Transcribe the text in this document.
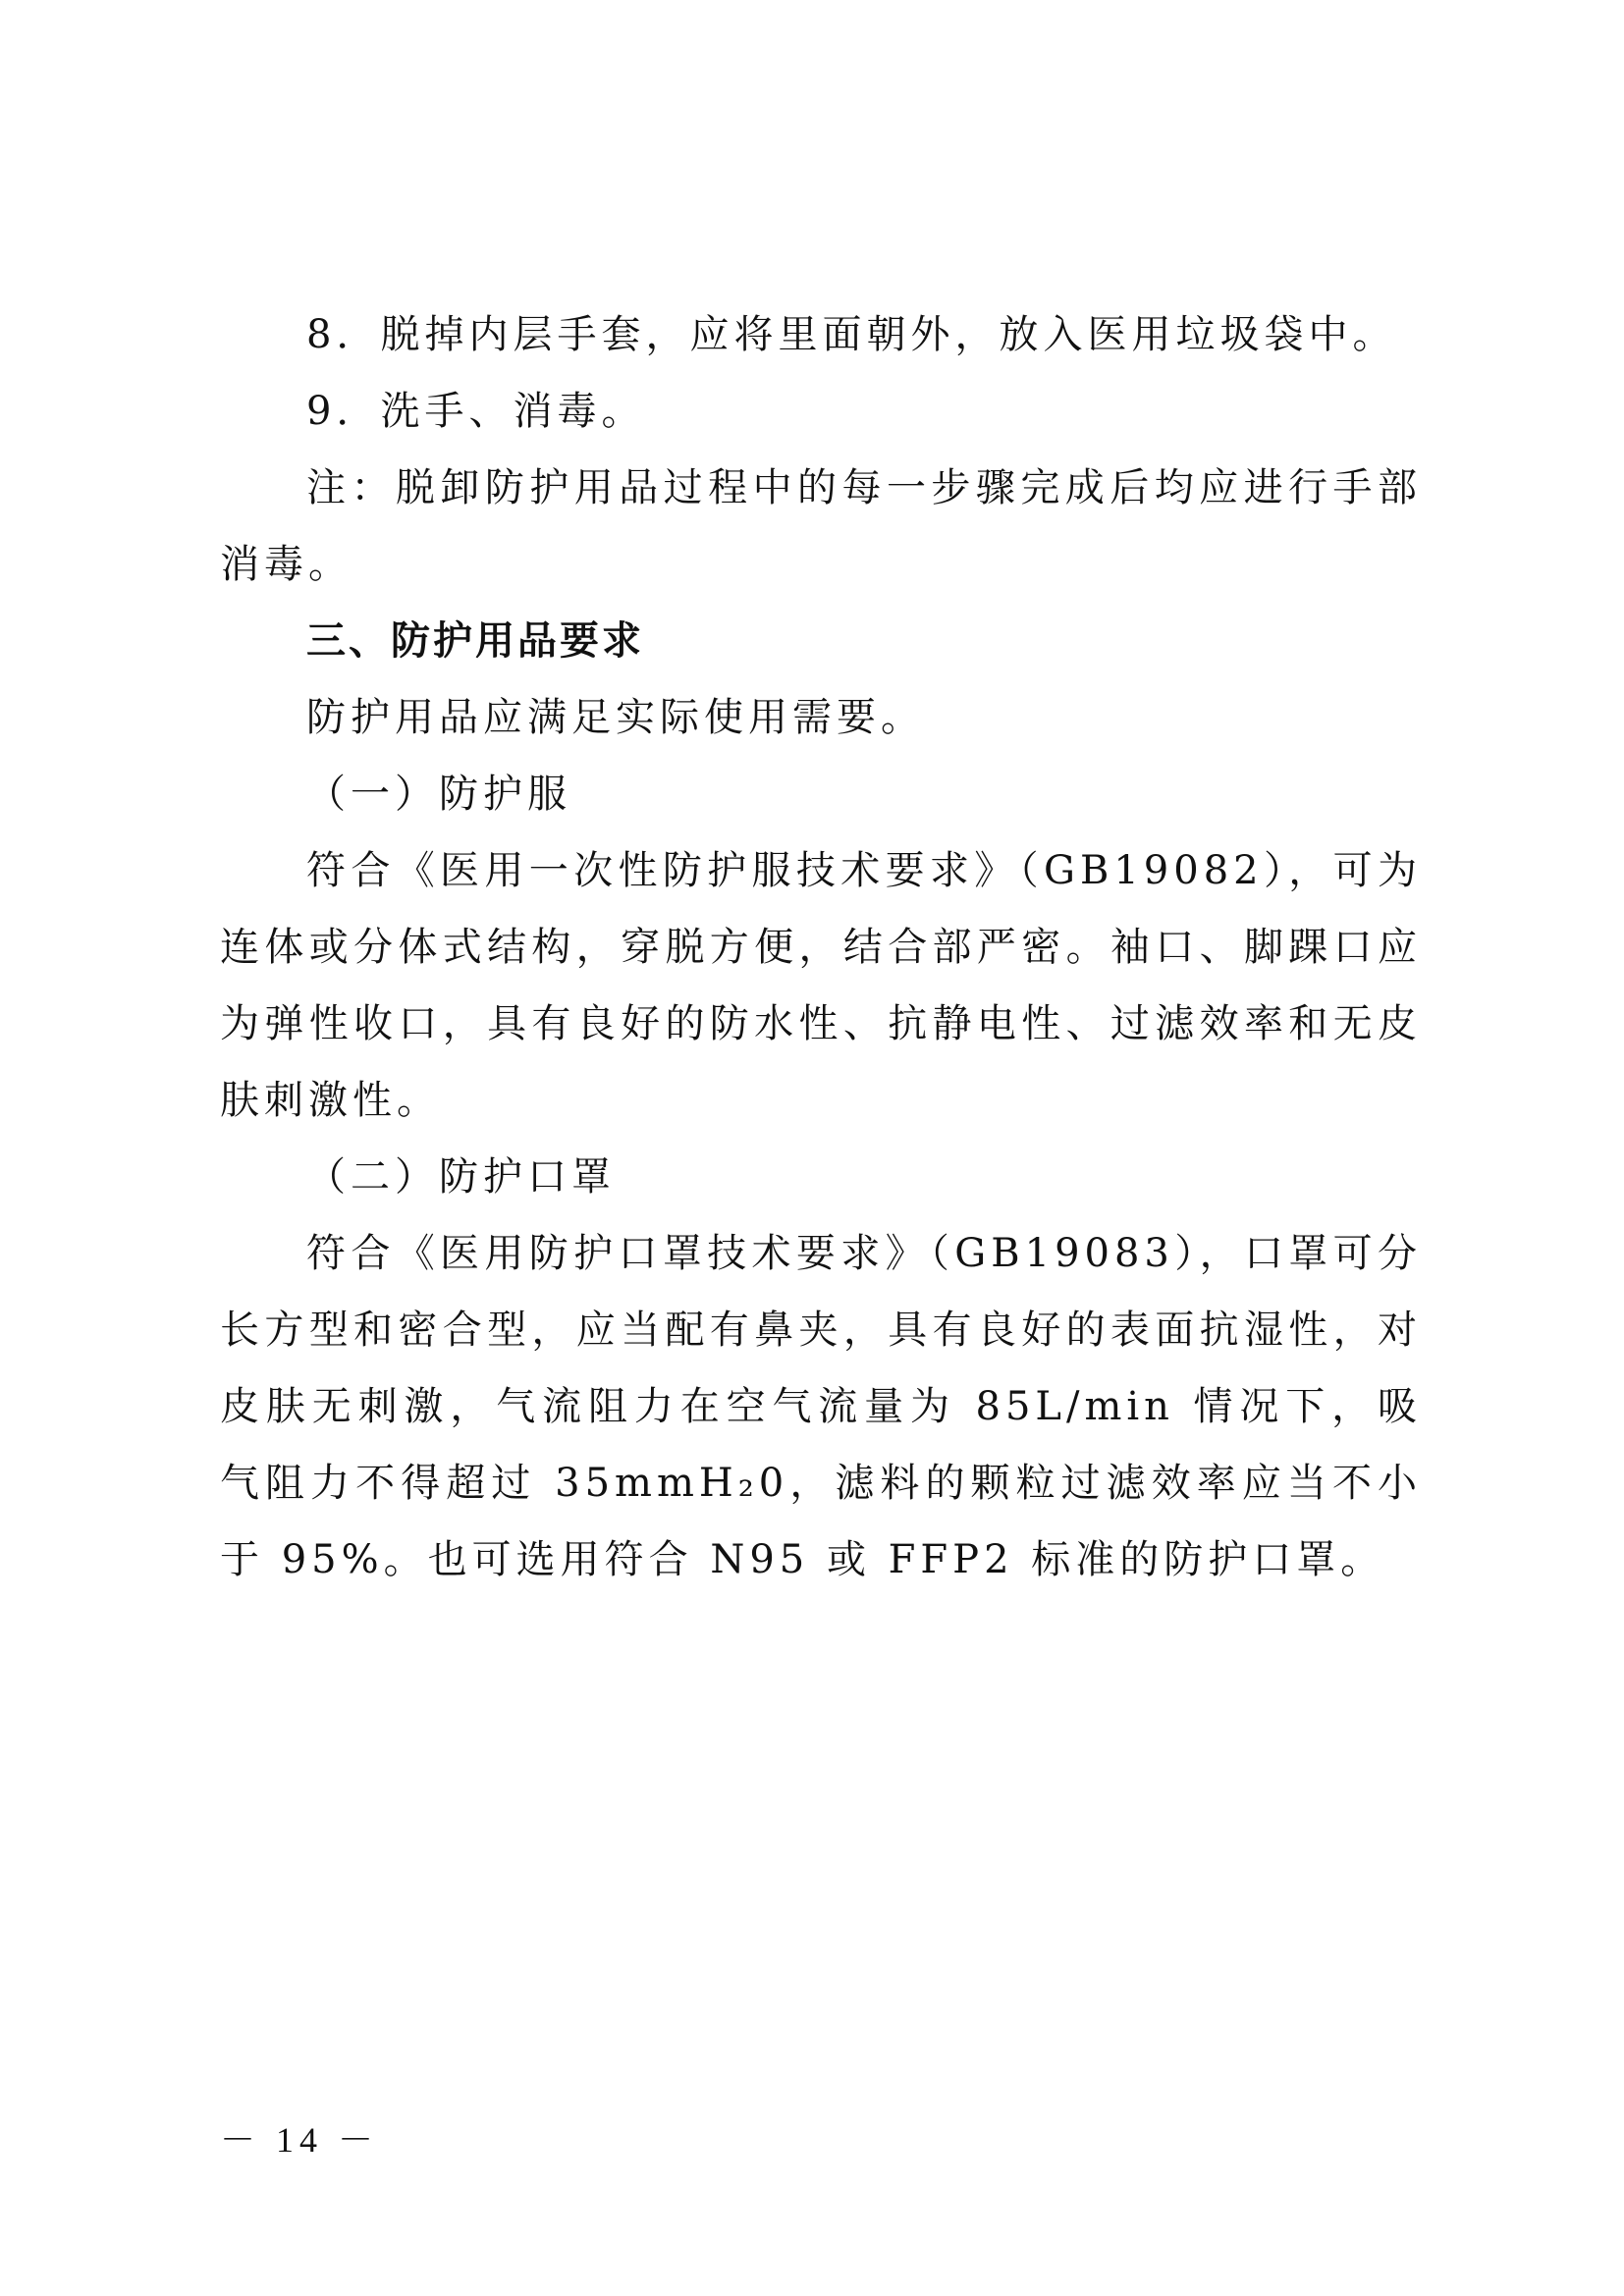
8．脱掉内层手套，应将里面朝外，放入医用垃圾袋中。

9．洗手、消毒。

注：脱卸防护用品过程中的每一步骤完成后均应进行手部消毒。

三、防护用品要求

防护用品应满足实际使用需要。

（一）防护服

符合《医用一次性防护服技术要求》（GB19082），可为连体或分体式结构，穿脱方便，结合部严密。袖口、脚踝口应为弹性收口，具有良好的防水性、抗静电性、过滤效率和无皮肤刺激性。

（二）防护口罩

符合《医用防护口罩技术要求》（GB19083），口罩可分长方型和密合型，应当配有鼻夹，具有良好的表面抗湿性，对皮肤无刺激，气流阻力在空气流量为 85L/min 情况下，吸气阻力不得超过 35mmH₂0，滤料的颗粒过滤效率应当不小于 95%。也可选用符合 N95 或 FFP2 标准的防护口罩。

－ 14 －
